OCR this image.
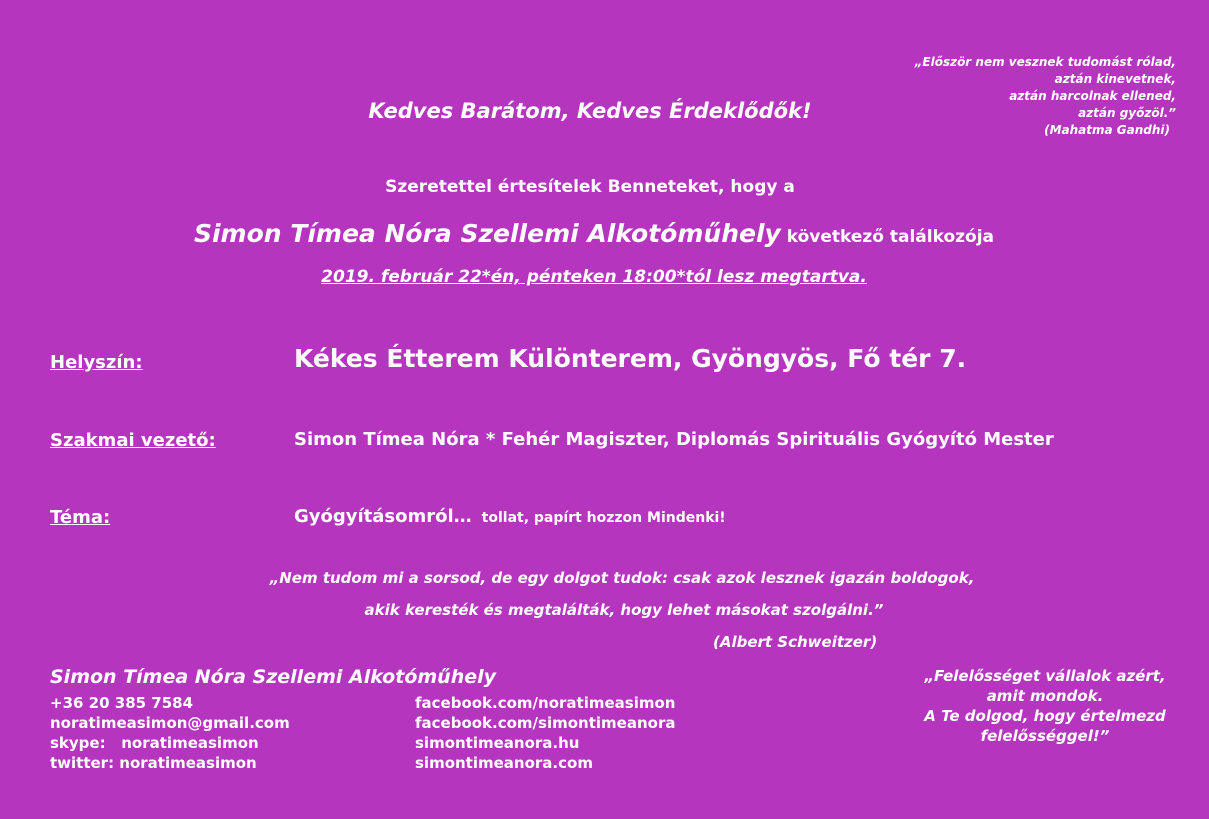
„Először nem vesznek tudomást rólad,
aztán kinevetnek,
aztán harcolnak ellened,
aztán győzöl.”
(Mahatma Gandhi)
Kedves Barátom, Kedves Érdeklődők!
Szeretettel értesítelek Benneteket, hogy a
Simon Tímea Nóra Szellemi Alkotóműhely következő találkozója
2019. február 22*én, pénteken 18:00*tól lesz megtartva.
Helyszín:	Kékes Étterem Különterem, Gyöngyös, Fő tér 7.
Szakmai vezető:	Simon Tímea Nóra * Fehér Magiszter, Diplomás Spirituális Gyógyító Mester
Téma:	Gyógyításomról… tollat, papírt hozzon Mindenki!
„Nem tudom mi a sorsod, de egy dolgot tudok: csak azok lesznek igazán boldogok,
akik keresték és megtalálták, hogy lehet másokat szolgálni.”
(Albert Schweitzer)
Simon Tímea Nóra Szellemi Alkotóműhely
+36 20 385 7584
noratimeasimon@gmail.com
skype:   noratimeasimon
twitter: noratimeasimon
facebook.com/noratimeasimon
facebook.com/simontimeanora
simontimeanora.hu
simontimeanora.com
„Felelősséget vállalok azért,
amit mondok.
A Te dolgod, hogy értelmezd
felelősséggel!”
